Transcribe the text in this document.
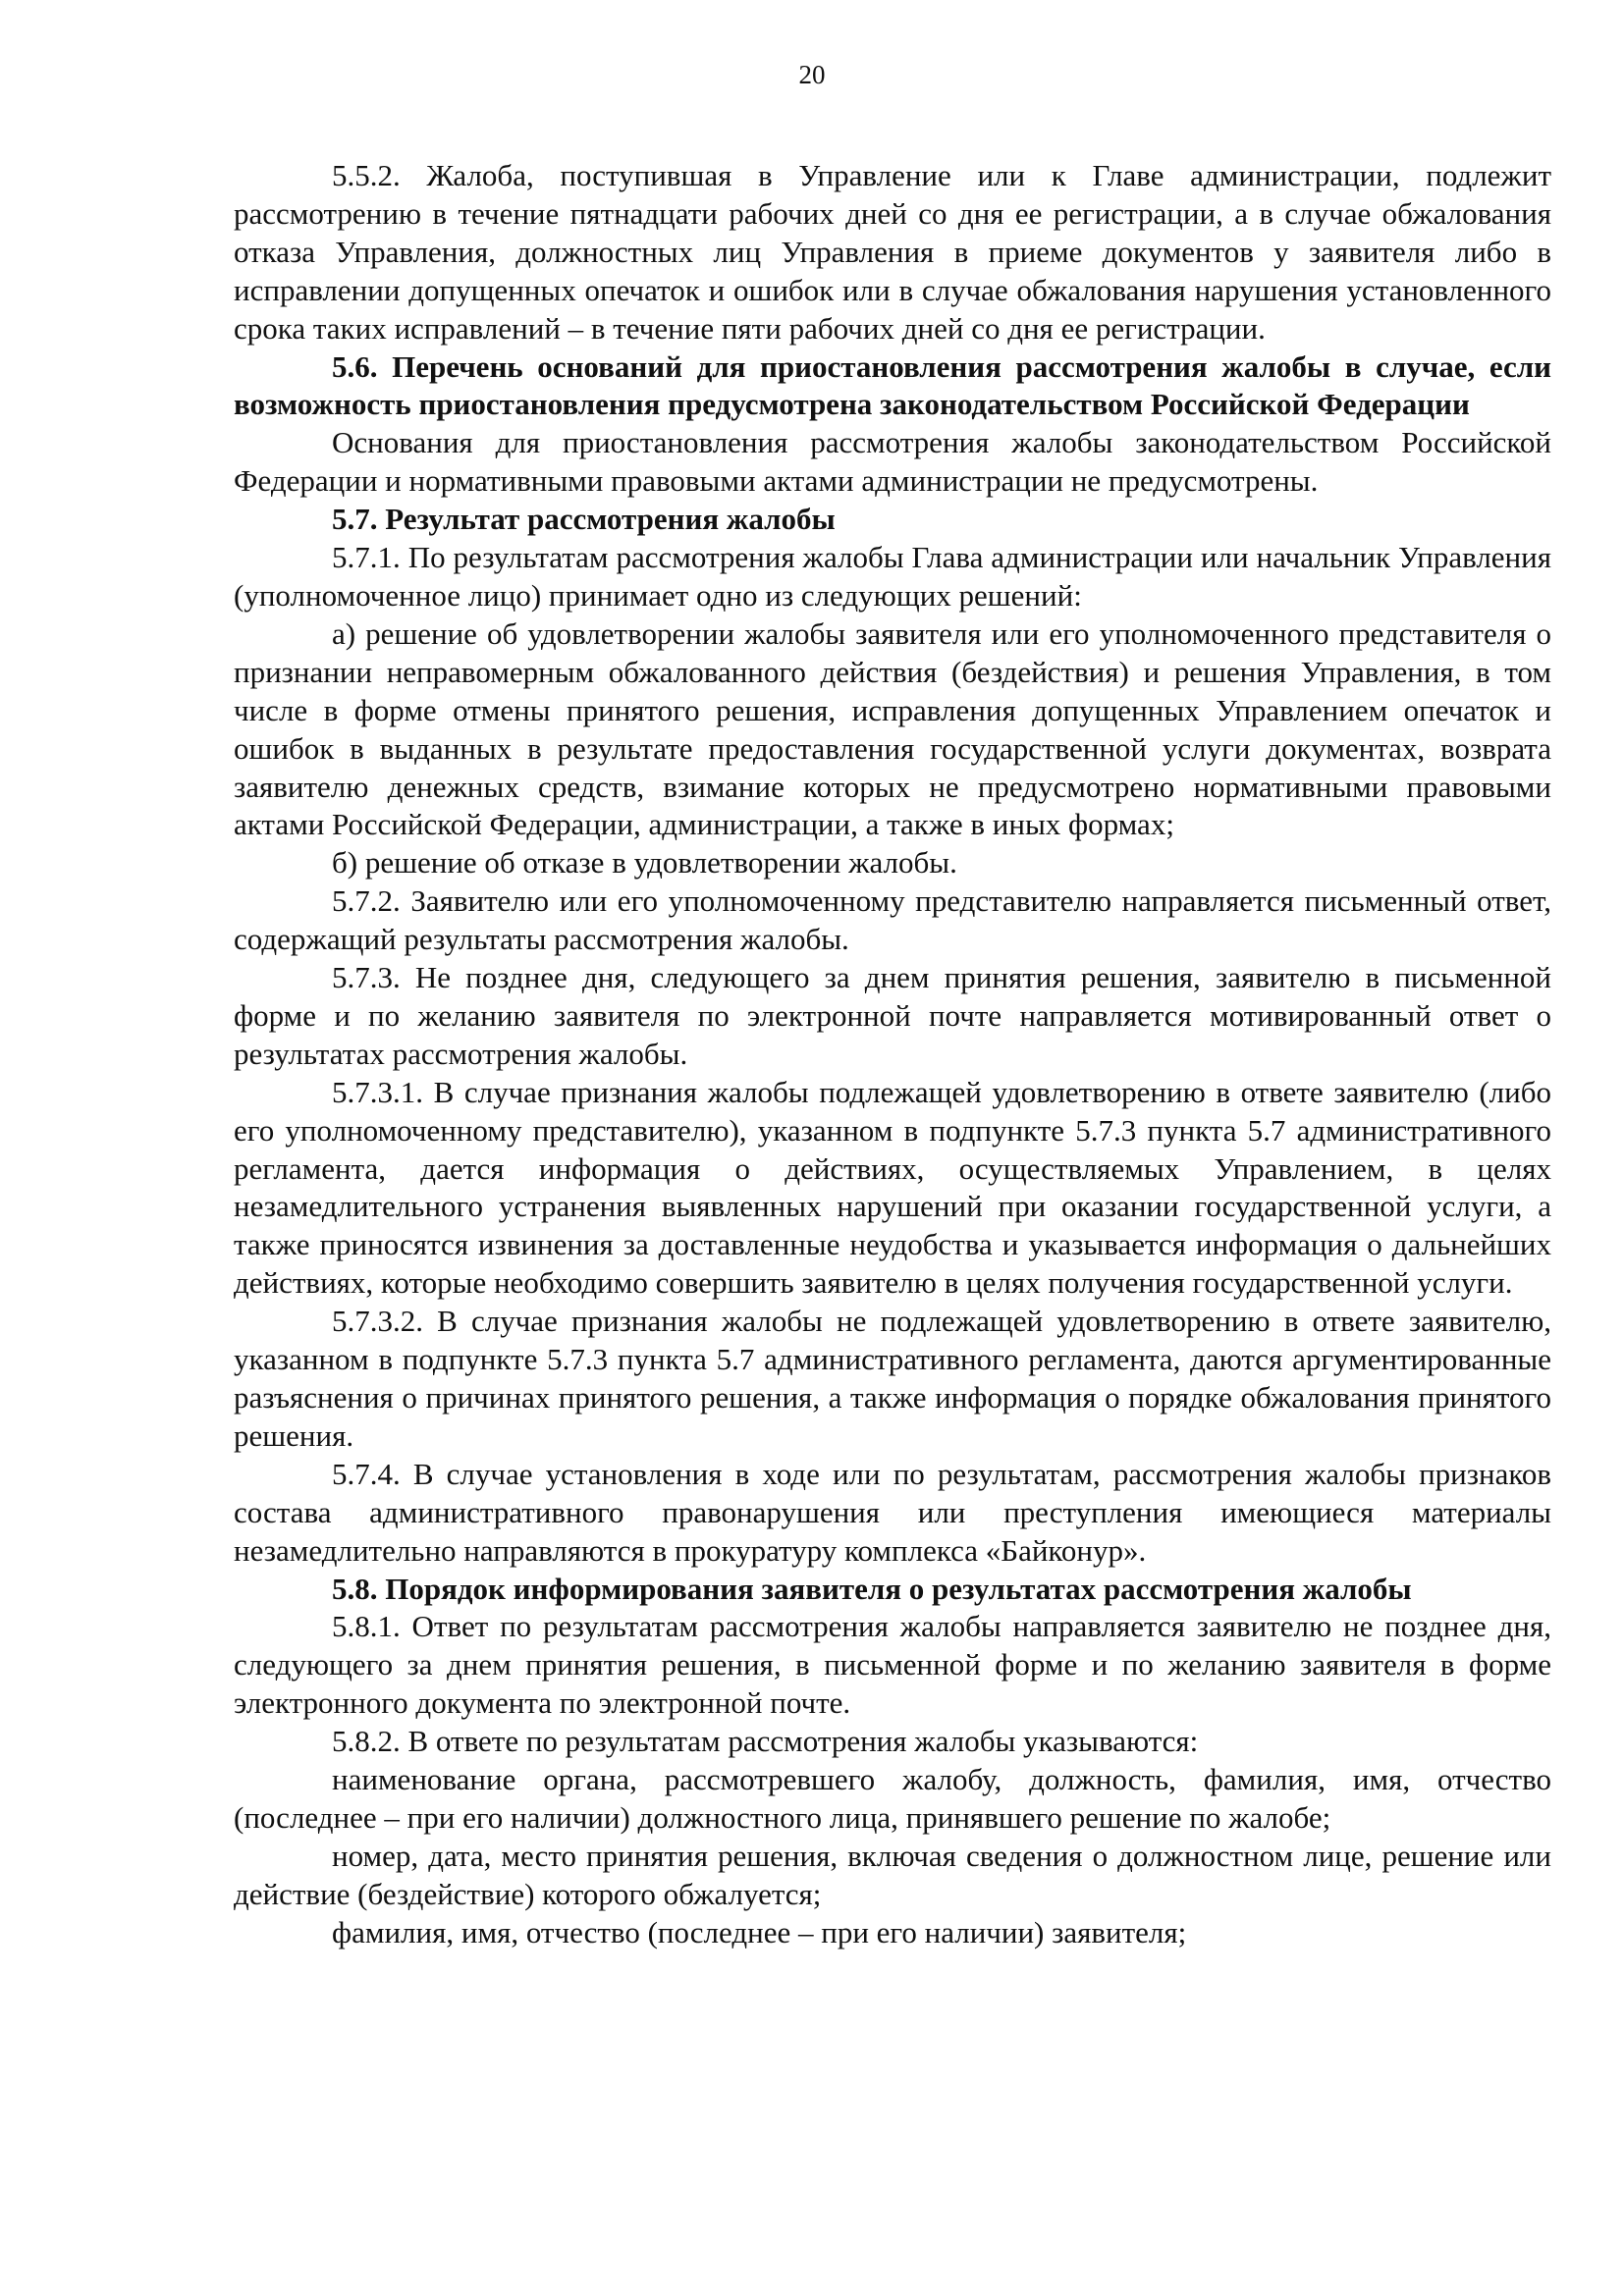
20

5.5.2. Жалоба, поступившая в Управление или к Главе администрации, подлежит рассмотрению в течение пятнадцати рабочих дней со дня ее регистрации, а в случае обжалования отказа Управления, должностных лиц Управления в приеме документов у заявителя либо в исправлении допущенных опечаток и ошибок или в случае обжалования нарушения установленного срока таких исправлений – в течение пяти рабочих дней со дня ее регистрации.

5.6. Перечень оснований для приостановления рассмотрения жалобы в случае, если возможность приостановления предусмотрена законодательством Российской Федерации

Основания для приостановления рассмотрения жалобы законодательством Российской Федерации и нормативными правовыми актами администрации не предусмотрены.

5.7. Результат рассмотрения жалобы

5.7.1. По результатам рассмотрения жалобы Глава администрации или начальник Управления (уполномоченное лицо) принимает одно из следующих решений:

а) решение об удовлетворении жалобы заявителя или его уполномоченного представителя о признании неправомерным обжалованного действия (бездействия) и решения Управления, в том числе в форме отмены принятого решения, исправления допущенных Управлением опечаток и ошибок в выданных в результате предоставления государственной услуги документах, возврата заявителю денежных средств, взимание которых не предусмотрено нормативными правовыми актами Российской Федерации, администрации, а также в иных формах;

б) решение об отказе в удовлетворении жалобы.

5.7.2. Заявителю или его уполномоченному представителю направляется письменный ответ, содержащий результаты рассмотрения жалобы.

5.7.3. Не позднее дня, следующего за днем принятия решения, заявителю в письменной форме и по желанию заявителя по электронной почте направляется мотивированный ответ о результатах рассмотрения жалобы.

5.7.3.1. В случае признания жалобы подлежащей удовлетворению в ответе заявителю (либо его уполномоченному представителю), указанном в подпункте 5.7.3 пункта 5.7 административного регламента, дается информация о действиях, осуществляемых Управлением, в целях незамедлительного устранения выявленных нарушений при оказании государственной услуги, а также приносятся извинения за доставленные неудобства и указывается информация о дальнейших действиях, которые необходимо совершить заявителю в целях получения государственной услуги.

5.7.3.2. В случае признания жалобы не подлежащей удовлетворению в ответе заявителю, указанном в подпункте 5.7.3 пункта 5.7 административного регламента, даются аргументированные разъяснения о причинах принятого решения, а также информация о порядке обжалования принятого решения.

5.7.4. В случае установления в ходе или по результатам, рассмотрения жалобы признаков состава административного правонарушения или преступления имеющиеся материалы незамедлительно направляются в прокуратуру комплекса «Байконур».

5.8. Порядок информирования заявителя о результатах рассмотрения жалобы

5.8.1. Ответ по результатам рассмотрения жалобы направляется заявителю не позднее дня, следующего за днем принятия решения, в письменной форме и по желанию заявителя в форме электронного документа по электронной почте.

5.8.2. В ответе по результатам рассмотрения жалобы указываются:

наименование органа, рассмотревшего жалобу, должность, фамилия, имя, отчество (последнее – при его наличии) должностного лица, принявшего решение по жалобе;

номер, дата, место принятия решения, включая сведения о должностном лице, решение или действие (бездействие) которого обжалуется;

фамилия, имя, отчество (последнее – при его наличии) заявителя;
